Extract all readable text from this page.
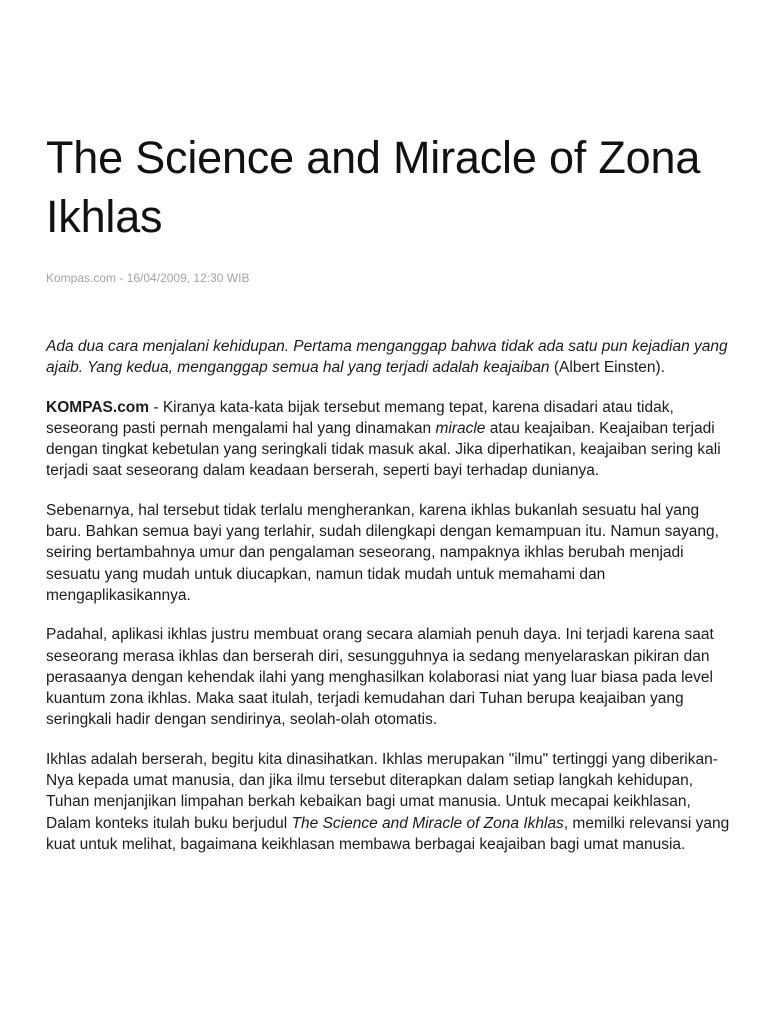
The Science and Miracle of Zona Ikhlas
Kompas.com - 16/04/2009, 12:30 WIB

Ada dua cara menjalani kehidupan. Pertama menganggap bahwa tidak ada satu pun kejadian yang ajaib. Yang kedua, menganggap semua hal yang terjadi adalah keajaiban (Albert Einsten).

KOMPAS.com - Kiranya kata-kata bijak tersebut memang tepat, karena disadari atau tidak, seseorang pasti pernah mengalami hal yang dinamakan miracle atau keajaiban. Keajaiban terjadi dengan tingkat kebetulan yang seringkali tidak masuk akal. Jika diperhatikan, keajaiban sering kali terjadi saat seseorang dalam keadaan berserah, seperti bayi terhadap dunianya.

Sebenarnya, hal tersebut tidak terlalu mengherankan, karena ikhlas bukanlah sesuatu hal yang baru. Bahkan semua bayi yang terlahir, sudah dilengkapi dengan kemampuan itu. Namun sayang, seiring bertambahnya umur dan pengalaman seseorang, nampaknya ikhlas berubah menjadi sesuatu yang mudah untuk diucapkan, namun tidak mudah untuk memahami dan mengaplikasikannya.

Padahal, aplikasi ikhlas justru membuat orang secara alamiah penuh daya. Ini terjadi karena saat seseorang merasa ikhlas dan berserah diri, sesungguhnya ia sedang menyelaraskan pikiran dan perasaanya dengan kehendak ilahi yang menghasilkan kolaborasi niat yang luar biasa pada level kuantum zona ikhlas. Maka saat itulah, terjadi kemudahan dari Tuhan berupa keajaiban yang seringkali hadir dengan sendirinya, seolah-olah otomatis.

Ikhlas adalah berserah, begitu kita dinasihatkan. Ikhlas merupakan "ilmu" tertinggi yang diberikan-Nya kepada umat manusia, dan jika ilmu tersebut diterapkan dalam setiap langkah kehidupan, Tuhan menjanjikan limpahan berkah kebaikan bagi umat manusia. Untuk mecapai keikhlasan, Dalam konteks itulah buku berjudul The Science and Miracle of Zona Ikhlas, memilki relevansi yang kuat untuk melihat, bagaimana keikhlasan membawa berbagai keajaiban bagi umat manusia.
